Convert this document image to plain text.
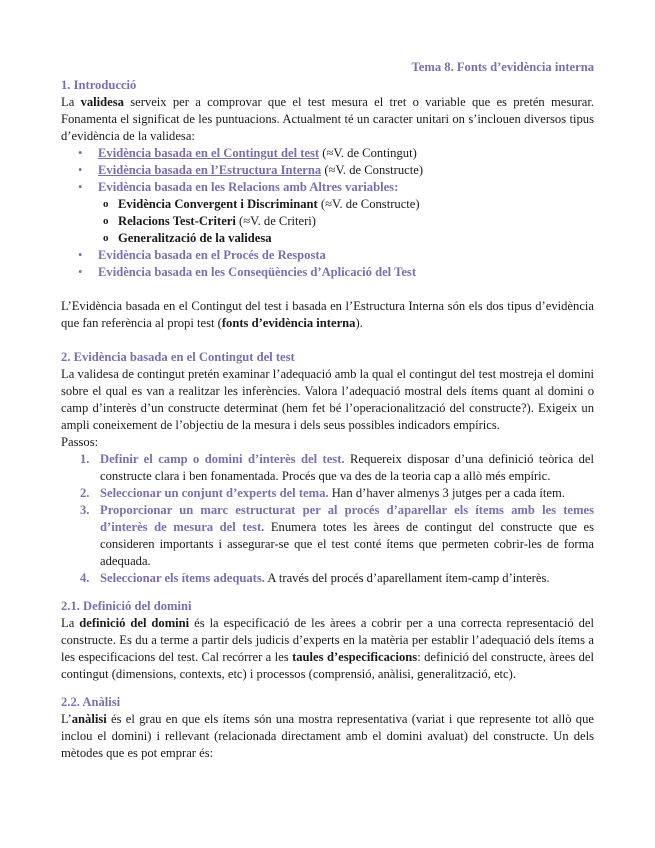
Tema 8. Fonts d’evidència interna
1. Introducció

La validesa serveix per a comprovar que el test mesura el tret o variable que es pretén mesurar. Fonamenta el significat de les puntuacions. Actualment té un caracter unitari on s’inclouen diversos tipus d’evidència de la validesa:

• Evidència basada en el Contingut del test (≈V. de Contingut)
• Evidència basada en l’Estructura Interna (≈V. de Constructe)
• Evidència basada en les Relacions amb Altres variables:
o Evidència Convergent i Discriminant (≈V. de Constructe)
o Relacions Test-Criteri (≈V. de Criteri)
o Generalització de la validesa
• Evidència basada en el Procés de Resposta
• Evidència basada en les Conseqüències d’Aplicació del Test

L’Evidència basada en el Contingut del test i basada en l’Estructura Interna són els dos tipus d’evidència que fan referència al propi test (fonts d’evidència interna).

2. Evidència basada en el Contingut del test

La validesa de contingut pretén examinar l’adequació amb la qual el contingut del test mostreja el domini sobre el qual es van a realitzar les inferències. Valora l’adequació mostral dels ítems quant al domini o camp d’interès d’un constructe determinat (hem fet bé l’operacionalització del constructe?). Exigeix un ampli coneixement de l’objectiu de la mesura i dels seus possibles indicadors empírics.

Passos:

1. Definir el camp o domini d’interès del test. Requereix disposar d’una definició teòrica del constructe clara i ben fonamentada. Procés que va des de la teoria cap a allò més empíric.
2. Seleccionar un conjunt d’experts del tema. Han d’haver almenys 3 jutges per a cada ítem.
3. Proporcionar un marc estructurat per al procés d’aparellar els ítems amb les temes d’interès de mesura del test. Enumera totes les àrees de contingut del constructe que es consideren importants i assegurar-se que el test conté ítems que permeten cobrir-les de forma adequada.
4. Seleccionar els ítems adequats. A través del procés d’aparellament ítem-camp d’interès.
2.1. Definició del domini

La definició del domini és la especificació de les àrees a cobrir per a una correcta representació del constructe. Es du a terme a partir dels judicis d’experts en la matèria per establir l’adequació dels ítems a les especificacions del test. Cal recórrer a les taules d’especificacions: definició del constructe, àrees del contingut (dimensions, contexts, etc) i processos (comprensió, anàlisi, generalització, etc).

2.2. Anàlisi

L’anàlisi és el grau en que els ítems són una mostra representativa (variat i que represente tot allò que inclou el domini) i rellevant (relacionada directament amb el domini avaluat) del constructe. Un dels mètodes que es pot emprar és:
